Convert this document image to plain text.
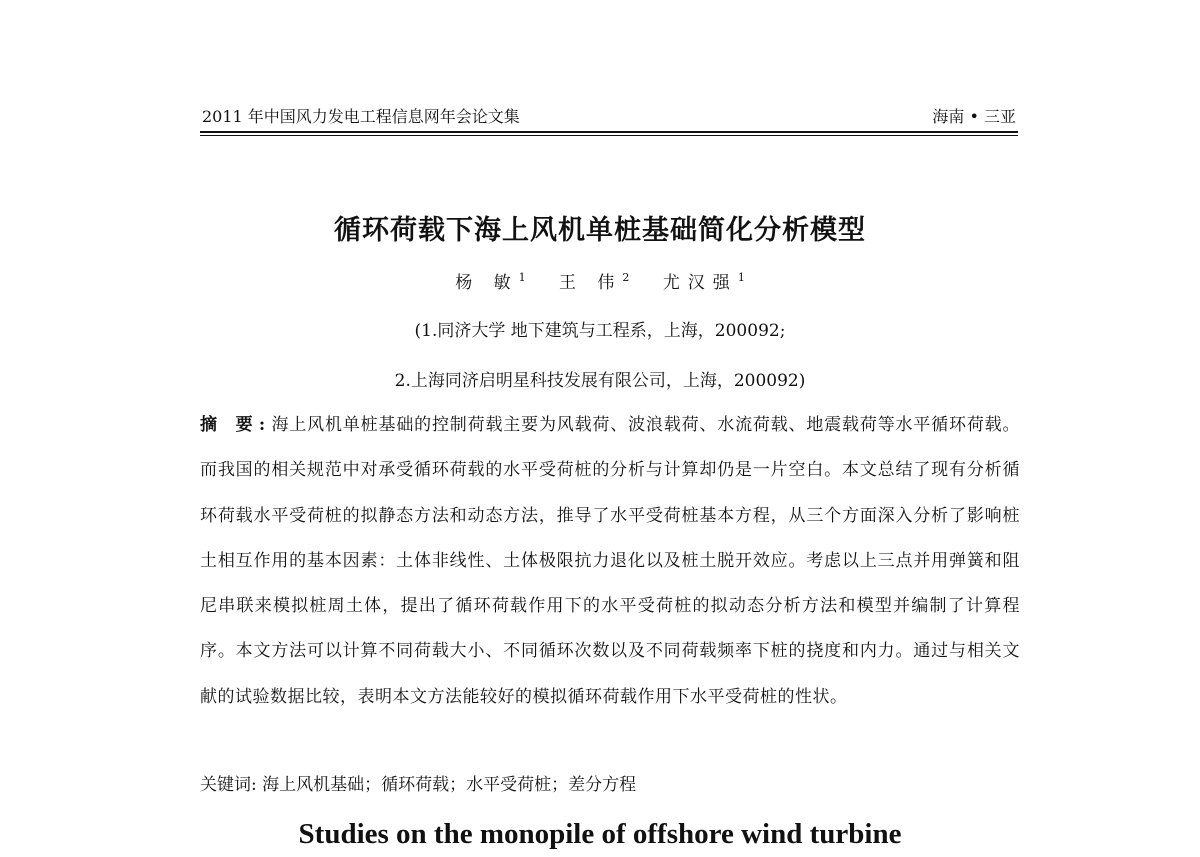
2011 年中国风力发电工程信息网年会论文集	海南 • 三亚
循环荷载下海上风机单桩基础简化分析模型
杨 敏$^1$ 王 伟$^2$ 尤汉强$^1$
(1.同济大学 地下建筑与工程系，上海，200092;
2.上海同济启明星科技发展有限公司，上海，200092)
摘 要:海上风机单桩基础的控制荷载主要为风载荷、波浪载荷、水流荷载、地震载荷等水平循环荷载。而我国的相关规范中对承受循环荷载的水平受荷桩的分析与计算却仍是一片空白。本文总结了现有分析循环荷载水平受荷桩的拟静态方法和动态方法，推导了水平受荷桩基本方程，从三个方面深入分析了影响桩土相互作用的基本因素：土体非线性、土体极限抗力退化以及桩土脱开效应。考虑以上三点并用弹簧和阻尼串联来模拟桩周土体，提出了循环荷载作用下的水平受荷桩的拟动态分析方法和模型并编制了计算程序。本文方法可以计算不同荷载大小、不同循环次数以及不同荷载频率下桩的挠度和内力。通过与相关文献的试验数据比较，表明本文方法能较好的模拟循环荷载作用下水平受荷桩的性状。
关键词: 海上风机基础；循环荷载；水平受荷桩；差分方程
Studies on the monopile of offshore wind turbine
